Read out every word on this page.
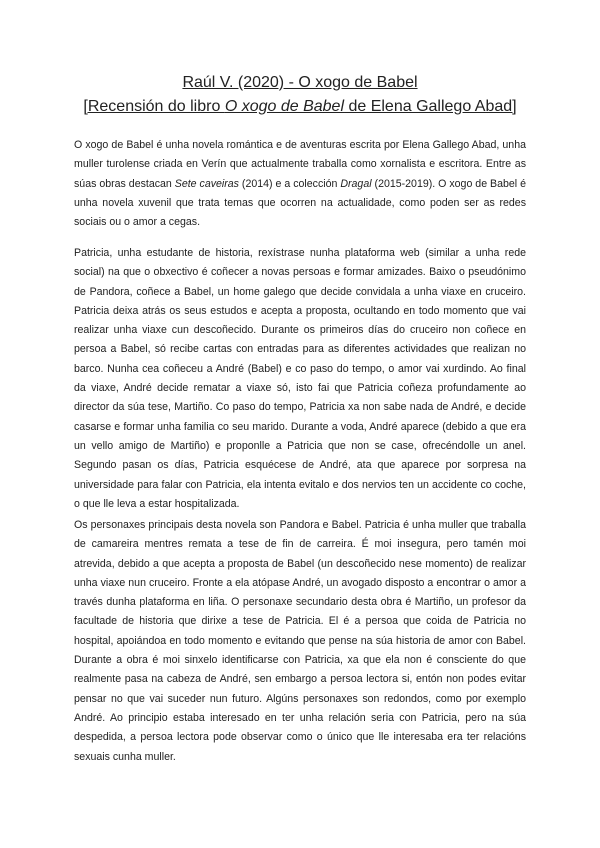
Raúl V. (2020) - O xogo de Babel
[Recensión do libro O xogo de Babel de Elena Gallego Abad]

O xogo de Babel é unha novela romántica e de aventuras escrita por Elena Gallego Abad, unha muller turolense criada en Verín que actualmente traballa como xornalista e escritora. Entre as súas obras destacan Sete caveiras (2014) e a colección Dragal (2015-2019). O xogo de Babel é unha novela xuvenil que trata temas que ocorren na actualidade, como poden ser as redes sociais ou o amor a cegas.

Patricia, unha estudante de historia, rexístrase nunha plataforma web (similar a unha rede social) na que o obxectivo é coñecer a novas persoas e formar amizades. Baixo o pseudónimo de Pandora, coñece a Babel, un home galego que decide convidala a unha viaxe en cruceiro. Patricia deixa atrás os seus estudos e acepta a proposta, ocultando en todo momento que vai realizar unha viaxe cun descoñecido. Durante os primeiros días do cruceiro non coñece en persoa a Babel, só recibe cartas con entradas para as diferentes actividades que realizan no barco. Nunha cea coñeceu a André (Babel) e co paso do tempo, o amor vai xurdindo. Ao final da viaxe, André decide rematar a viaxe só, isto fai que Patricia coñeza profundamente ao director da súa tese, Martiño. Co paso do tempo, Patricia xa non sabe nada de André, e decide casarse e formar unha familia co seu marido. Durante a voda, André aparece (debido a que era un vello amigo de Martiño) e proponlle a Patricia que non se case, ofrecéndolle un anel. Segundo pasan os días, Patricia esquécese de André, ata que aparece por sorpresa na universidade para falar con Patricia, ela intenta evitalo e dos nervios ten un accidente co coche, o que lle leva a estar hospitalizada.

Os personaxes principais desta novela son Pandora e Babel. Patricia é unha muller que traballa de camareira mentres remata a tese de fin de carreira. É moi insegura, pero tamén moi atrevida, debido a que acepta a proposta de Babel (un descoñecido nese momento) de realizar unha viaxe nun cruceiro. Fronte a ela atópase André, un avogado disposto a encontrar o amor a través dunha plataforma en liña. O personaxe secundario desta obra é Martiño, un profesor da facultade de historia que dirixe a tese de Patricia. El é a persoa que coida de Patricia no hospital, apoiándoa en todo momento e evitando que pense na súa historia de amor con Babel. Durante a obra é moi sinxelo identificarse con Patricia, xa que ela non é consciente do que realmente pasa na cabeza de André, sen embargo a persoa lectora si, entón non podes evitar pensar no que vai suceder nun futuro. Algúns personaxes son redondos, como por exemplo André. Ao principio estaba interesado en ter unha relación seria con Patricia, pero na súa despedida, a persoa lectora pode observar como o único que lle interesaba era ter relacións sexuais cunha muller.
